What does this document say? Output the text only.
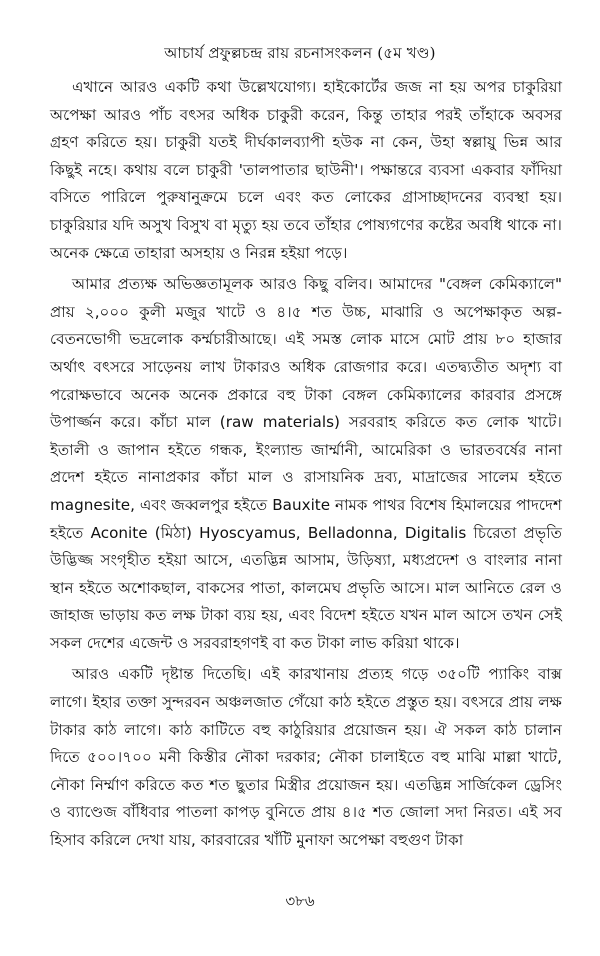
আচার্য প্রফুল্লচন্দ্র রায় রচনাসংকলন (৫ম খণ্ড)

এখানে আরও একটি কথা উল্লেখযোগ্য। হাইকোর্টের জজ না হয় অপর চাকুরিয়া অপেক্ষা আরও পাঁচ বৎসর অধিক চাকুরী করেন, কিন্তু তাহার পরই তাঁহাকে অবসর গ্রহণ করিতে হয়। চাকুরী যতই দীর্ঘকালব্যাপী হউক না কেন, উহা স্বল্লায়ু ভিন্ন আর কিছুই নহে। কথায় বলে চাকুরী 'তালপাতার ছাউনী'। পক্ষান্তরে ব্যবসা একবার ফাঁদিয়া বসিতে পারিলে পুরুষানুক্রমে চলে এবং কত লোকের গ্রাসাচ্ছাদনের ব্যবস্থা হয়। চাকুরিয়ার যদি অসুখ বিসুখ বা মৃত্যু হয় তবে তাঁহার পোষ্যগণের কষ্টের অবধি থাকে না। অনেক ক্ষেত্রে তাহারা অসহায় ও নিরন্ন হইয়া পড়ে।

আমার প্রত্যক্ষ অভিজ্ঞতামূলক আরও কিছু বলিব। আমাদের "বেঙ্গল কেমিক্যালে" প্রায় ২,০০০ কুলী মজুর খাটে ও ৪।৫ শত উচ্চ, মাঝারি ও অপেক্ষাকৃত অল্প-বেতনভোগী ভদ্রলোক কর্ম্মচারীআছে। এই সমস্ত লোক মাসে মোট প্রায় ৮০ হাজার অর্থাৎ বৎসরে সাড়েনয় লাখ টাকারও অধিক রোজগার করে। এতদ্ব্যতীত অদৃশ্য বা পরোক্ষভাবে অনেক অনেক প্রকারে বহু টাকা বেঙ্গল কেমিক্যালের কারবার প্রসঙ্গে উপার্জ্জন করে। কাঁচা মাল (raw materials) সরবরাহ করিতে কত লোক খাটে। ইতালী ও জাপান হইতে গন্ধক, ইংল্যান্ড জার্ম্মানী, আমেরিকা ও ভারতবর্ষের নানা প্রদেশ হইতে নানাপ্রকার কাঁচা মাল ও রাসায়নিক দ্রব্য, মাদ্রাজের সালেম হইতে magnesite, এবং জব্বলপুর হইতে Bauxite নামক পাথর বিশেষ হিমালয়ের পাদদেশ হইতে Aconite (মিঠা) Hyoscyamus, Belladonna, Digitalis চিরেতা প্রভৃতি উদ্ভিজ্জ সংগৃহীত হইয়া আসে, এতদ্ভিন্ন আসাম, উড়িষ্যা, মধ্যপ্রদেশ ও বাংলার নানা স্থান হইতে অশোকছাল, বাকসের পাতা, কালমেঘ প্রভৃতি আসে। মাল আনিতে রেল ও জাহাজ ভাড়ায় কত লক্ষ টাকা ব্যয় হয়, এবং বিদেশ হইতে যখন মাল আসে তখন সেই সকল দেশের এজেন্ট ও সরবরাহগণই বা কত টাকা লাভ করিয়া থাকে।

আরও একটি দৃষ্টান্ত দিতেছি। এই কারখানায় প্রত্যহ গড়ে ৩৫০টি প্যাকিং বাক্স লাগে। ইহার তক্তা সুন্দরবন অঞ্চলজাত গেঁয়ো কাঠ হইতে প্রস্তুত হয়। বৎসরে প্রায় লক্ষ টাকার কাঠ লাগে। কাঠ কাটিতে বহু কাঠুরিয়ার প্রয়োজন হয়। ঐ সকল কাঠ চালান দিতে ৫০০।৭০০ মনী কিস্তীর নৌকা দরকার; নৌকা চালাইতে বহু মাঝি মাল্লা খাটে, নৌকা নির্ম্মাণ করিতে কত শত ছুতার মিস্ত্রীর প্রয়োজন হয়। এতদ্ভিন্ন সার্জিকেল ড্রেসিং ও ব্যাণ্ডেজ বাঁধিবার পাতলা কাপড় বুনিতে প্রায় ৪।৫ শত জোলা সদা নিরত। এই সব হিসাব করিলে দেখা যায়, কারবারের খাঁটি মুনাফা অপেক্ষা বহুগুণ টাকা

৩৮৬
